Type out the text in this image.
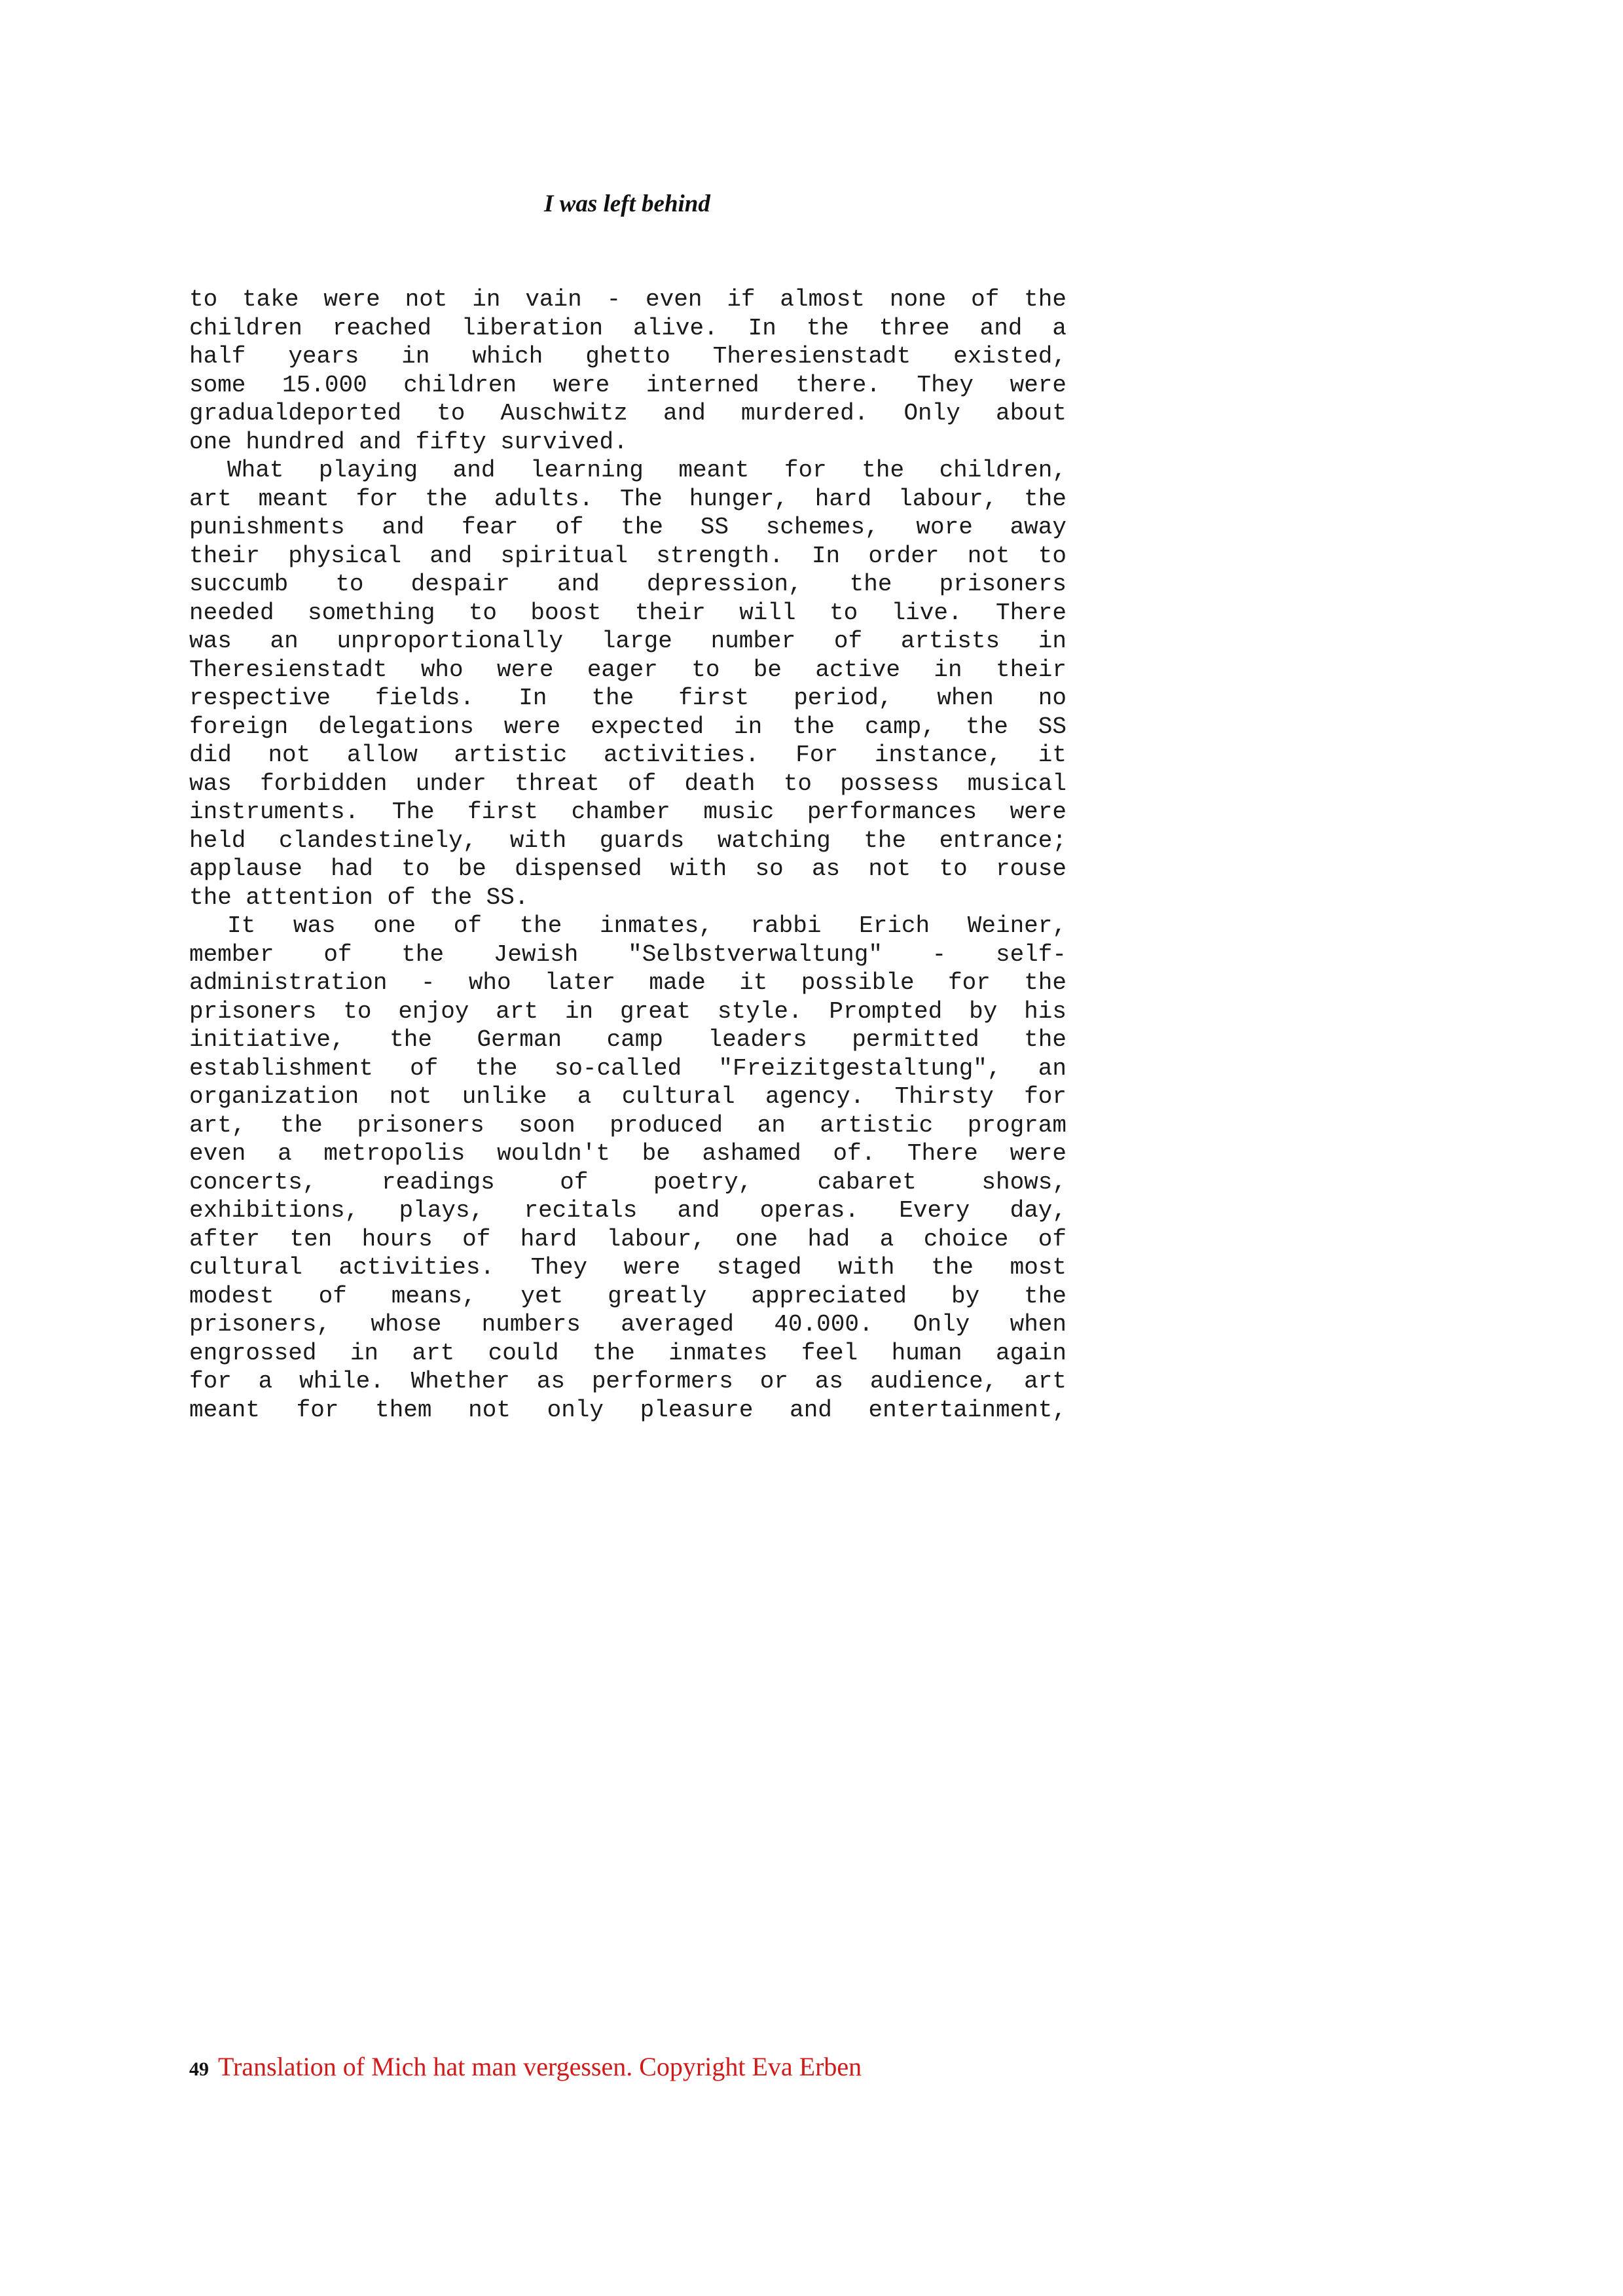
I was left behind
to take were not in vain - even if almost none of the
children reached liberation alive. In the three and a
half years in which ghetto Theresienstadt existed,
some 15.000 children were interned there. They were
gradualdeported to Auschwitz and murdered. Only about
one hundred and fifty survived.
What playing and learning meant for the children,
art meant for the adults. The hunger, hard labour, the
punishments and fear of the SS schemes, wore away
their physical and spiritual strength. In order not to
succumb to despair and depression, the prisoners
needed something to boost their will to live. There
was an unproportionally large number of artists in
Theresienstadt who were eager to be active in their
respective fields. In the first period, when no
foreign delegations were expected in the camp, the SS
did not allow artistic activities. For instance, it
was forbidden under threat of death to possess musical
instruments. The first chamber music performances were
held clandestinely, with guards watching the entrance;
applause had to be dispensed with so as not to rouse
the attention of the SS.
It was one of the inmates, rabbi Erich Weiner,
member of the Jewish "Selbstverwaltung" - self-
administration - who later made it possible for the
prisoners to enjoy art in great style. Prompted by his
initiative, the German camp leaders permitted the
establishment of the so-called "Freizitgestaltung", an
organization not unlike a cultural agency. Thirsty for
art, the prisoners soon produced an artistic program
even a metropolis wouldn't be ashamed of. There were
concerts, readings of poetry, cabaret shows,
exhibitions, plays, recitals and operas. Every day,
after ten hours of hard labour, one had a choice of
cultural activities. They were staged with the most
modest of means, yet greatly appreciated by the
prisoners, whose numbers averaged 40.000. Only when
engrossed in art could the inmates feel human again
for a while. Whether as performers or as audience, art
meant for them not only pleasure and entertainment,
49 Translation of Mich hat man vergessen. Copyright Eva Erben
